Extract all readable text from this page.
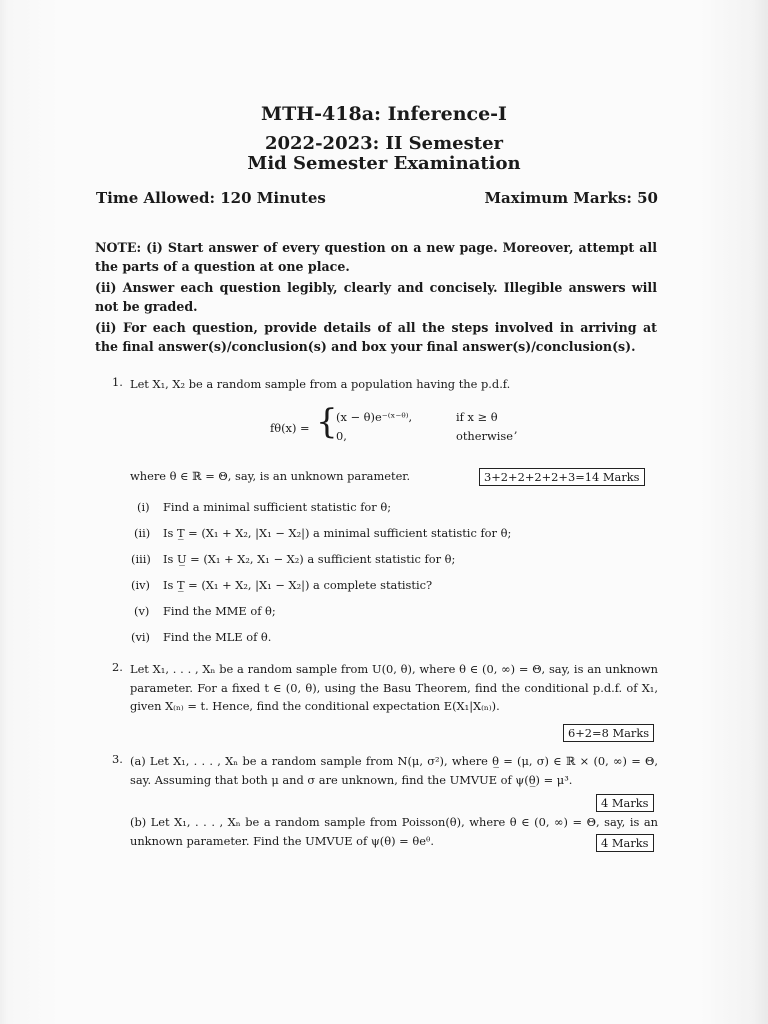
MTH-418a: Inference-I
2022-2023: II Semester
Mid Semester Examination
Time Allowed: 120 Minutes	Maximum Marks: 50
NOTE: (i) Start answer of every question on a new page. Moreover, attempt all the parts of a question at one place.
(ii) Answer each question legibly, clearly and concisely. Illegible answers will not be graded.
(ii) For each question, provide details of all the steps involved in arriving at the final answer(s)/conclusion(s) and box your final answer(s)/conclusion(s).
1. Let X₁, X₂ be a random sample from a population having the p.d.f.
fθ(x) = {
(x − θ)e⁻⁽ˣ⁻ᶿ⁾,	if x ≥ θ
0,	otherwise ,
where θ ∈ ℝ = Θ, say, is an unknown parameter.	3+2+2+2+2+3=14 Marks
(i) Find a minimal sufficient statistic for θ;
(ii) Is T̲ = (X₁ + X₂, |X₁ − X₂|) a minimal sufficient statistic for θ;
(iii) Is U̲ = (X₁ + X₂, X₁ − X₂) a sufficient statistic for θ;
(iv) Is T̲ = (X₁ + X₂, |X₁ − X₂|) a complete statistic?
(v) Find the MME of θ;
(vi) Find the MLE of θ.
2. Let X₁, . . . , Xₙ be a random sample from U(0, θ), where θ ∈ (0, ∞) = Θ, say, is an unknown parameter. For a fixed t ∈ (0, θ), using the Basu Theorem, find the conditional p.d.f. of X₁, given X₍ₙ₎ = t. Hence, find the conditional expectation E(X₁|X₍ₙ₎).
6+2=8 Marks
3. (a) Let X₁, . . . , Xₙ be a random sample from N(μ, σ²), where θ̲ = (μ, σ) ∈ ℝ × (0, ∞) = Θ, say. Assuming that both μ and σ are unknown, find the UMVUE of ψ(θ̲) = μ³.
4 Marks
(b) Let X₁, . . . , Xₙ be a random sample from Poisson(θ), where θ ∈ (0, ∞) = Θ, say, is an unknown parameter. Find the UMVUE of ψ(θ) = θeᶿ.	4 Marks
